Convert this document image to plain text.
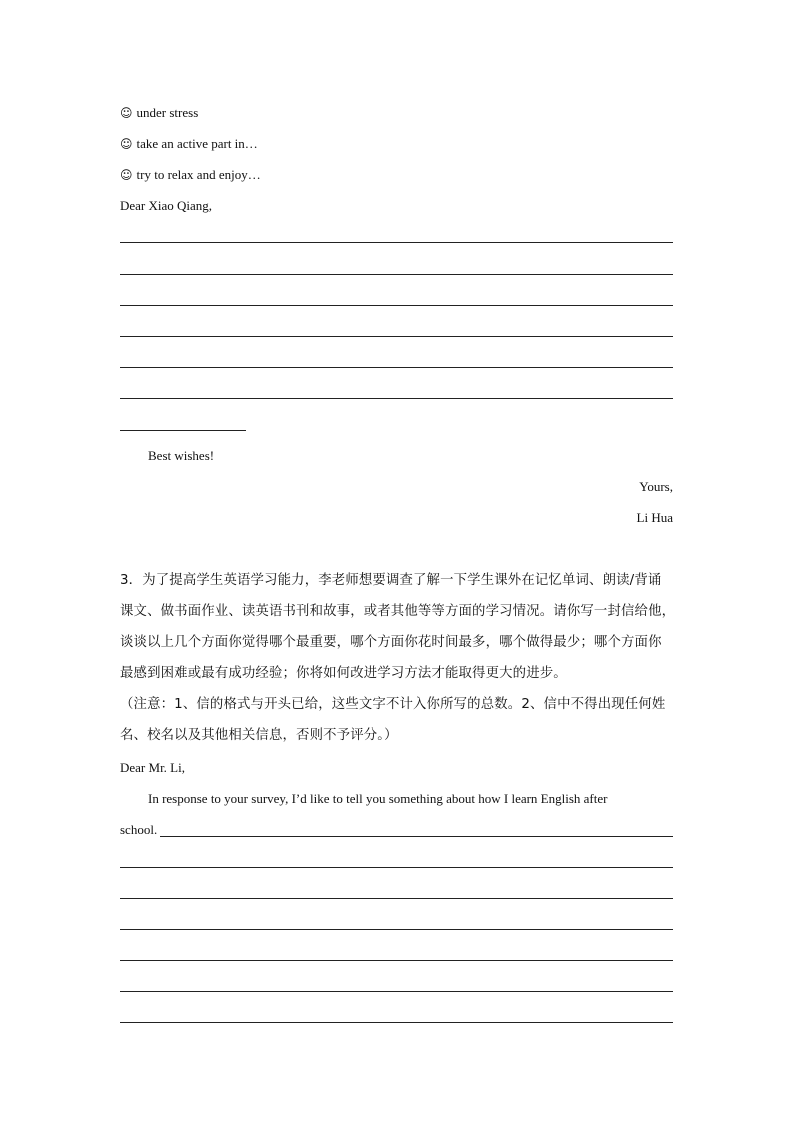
☺ under stress
☺ take an active part in…
☺ try to relax and enjoy…
Dear Xiao Qiang,
Best wishes!
Yours,
Li Hua
3．为了提高学生英语学习能力，李老师想要调查了解一下学生课外在记忆单词、朗读/背诵
课文、做书面作业、读英语书刊和故事，或者其他等等方面的学习情况。请你写一封信给他，
谈谈以上几个方面你觉得哪个最重要，哪个方面你花时间最多，哪个做得最少；哪个方面你
最感到困难或最有成功经验；你将如何改进学习方法才能取得更大的进步。
（注意：1、信的格式与开头已给，这些文字不计入你所写的总数。2、信中不得出现任何姓
名、校名以及其他相关信息，否则不予评分。）
Dear Mr. Li,
In response to your survey, I’d like to tell you something about how I learn English after
school.
